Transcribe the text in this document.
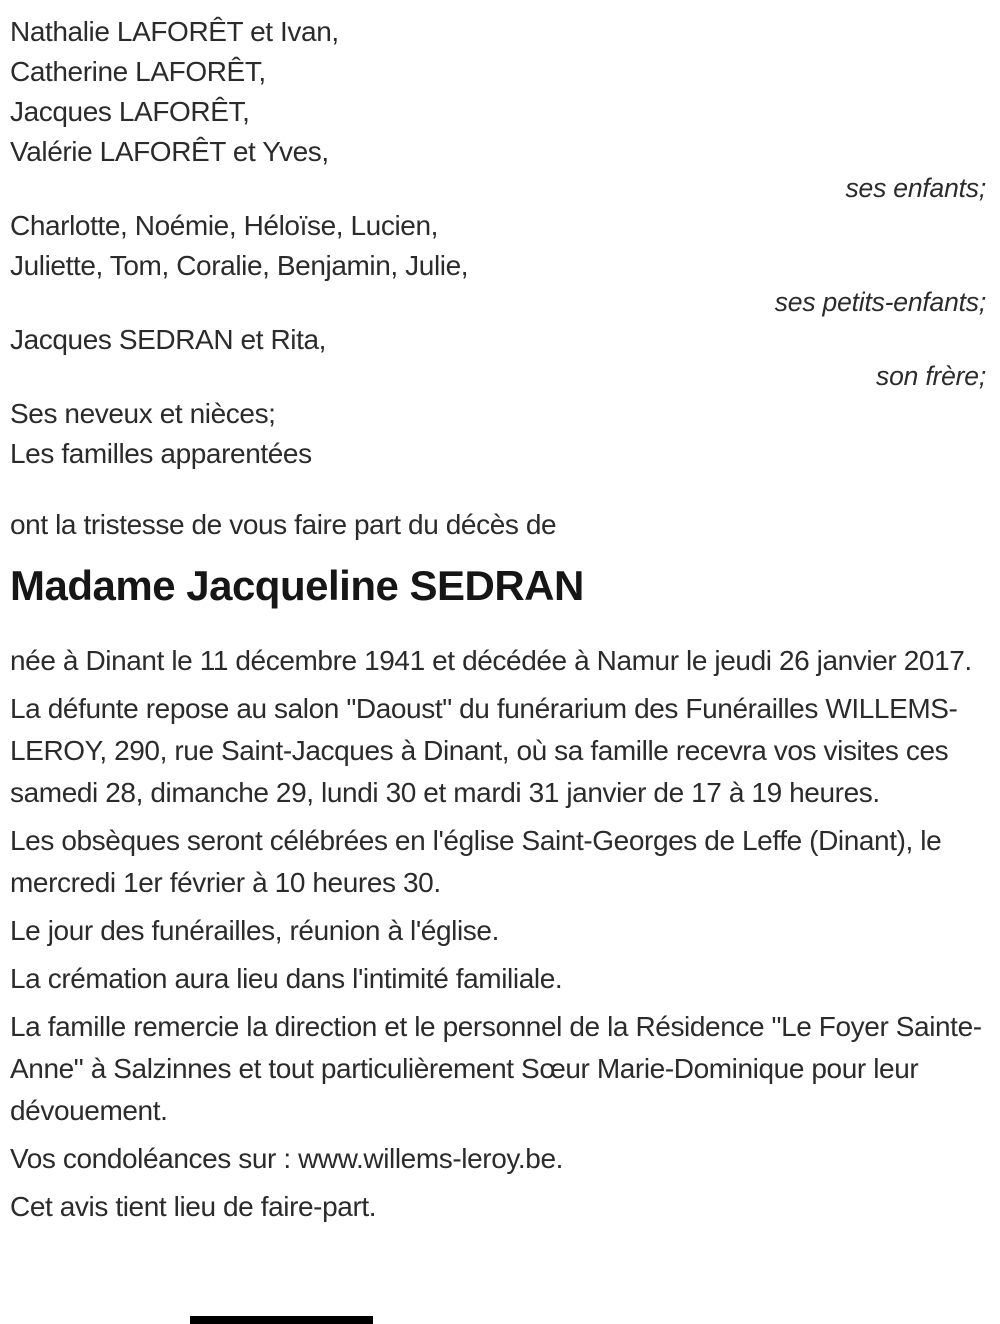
Nathalie LAFORÊT et Ivan,
Catherine LAFORÊT,
Jacques LAFORÊT,
Valérie LAFORÊT et Yves,
ses enfants;
Charlotte, Noémie, Héloïse, Lucien,
Juliette, Tom, Coralie, Benjamin, Julie,
ses petits-enfants;
Jacques SEDRAN et Rita,
son frère;
Ses neveux et nièces;
Les familles apparentées

ont la tristesse de vous faire part du décès de

Madame Jacqueline SEDRAN

née à Dinant le 11 décembre 1941 et décédée à Namur le jeudi 26 janvier 2017.

La défunte repose au salon "Daoust" du funérarium des Funérailles WILLEMS-LEROY, 290, rue Saint-Jacques à Dinant, où sa famille recevra vos visites ces samedi 28, dimanche 29, lundi 30 et mardi 31 janvier de 17 à 19 heures.

Les obsèques seront célébrées en l'église Saint-Georges de Leffe (Dinant), le mercredi 1er février à 10 heures 30.

Le jour des funérailles, réunion à l'église.

La crémation aura lieu dans l'intimité familiale.

La famille remercie la direction et le personnel de la Résidence "Le Foyer Sainte-Anne" à Salzinnes et tout particulièrement Sœur Marie-Dominique pour leur dévouement.

Vos condoléances sur : www.willems-leroy.be.

Cet avis tient lieu de faire-part.
